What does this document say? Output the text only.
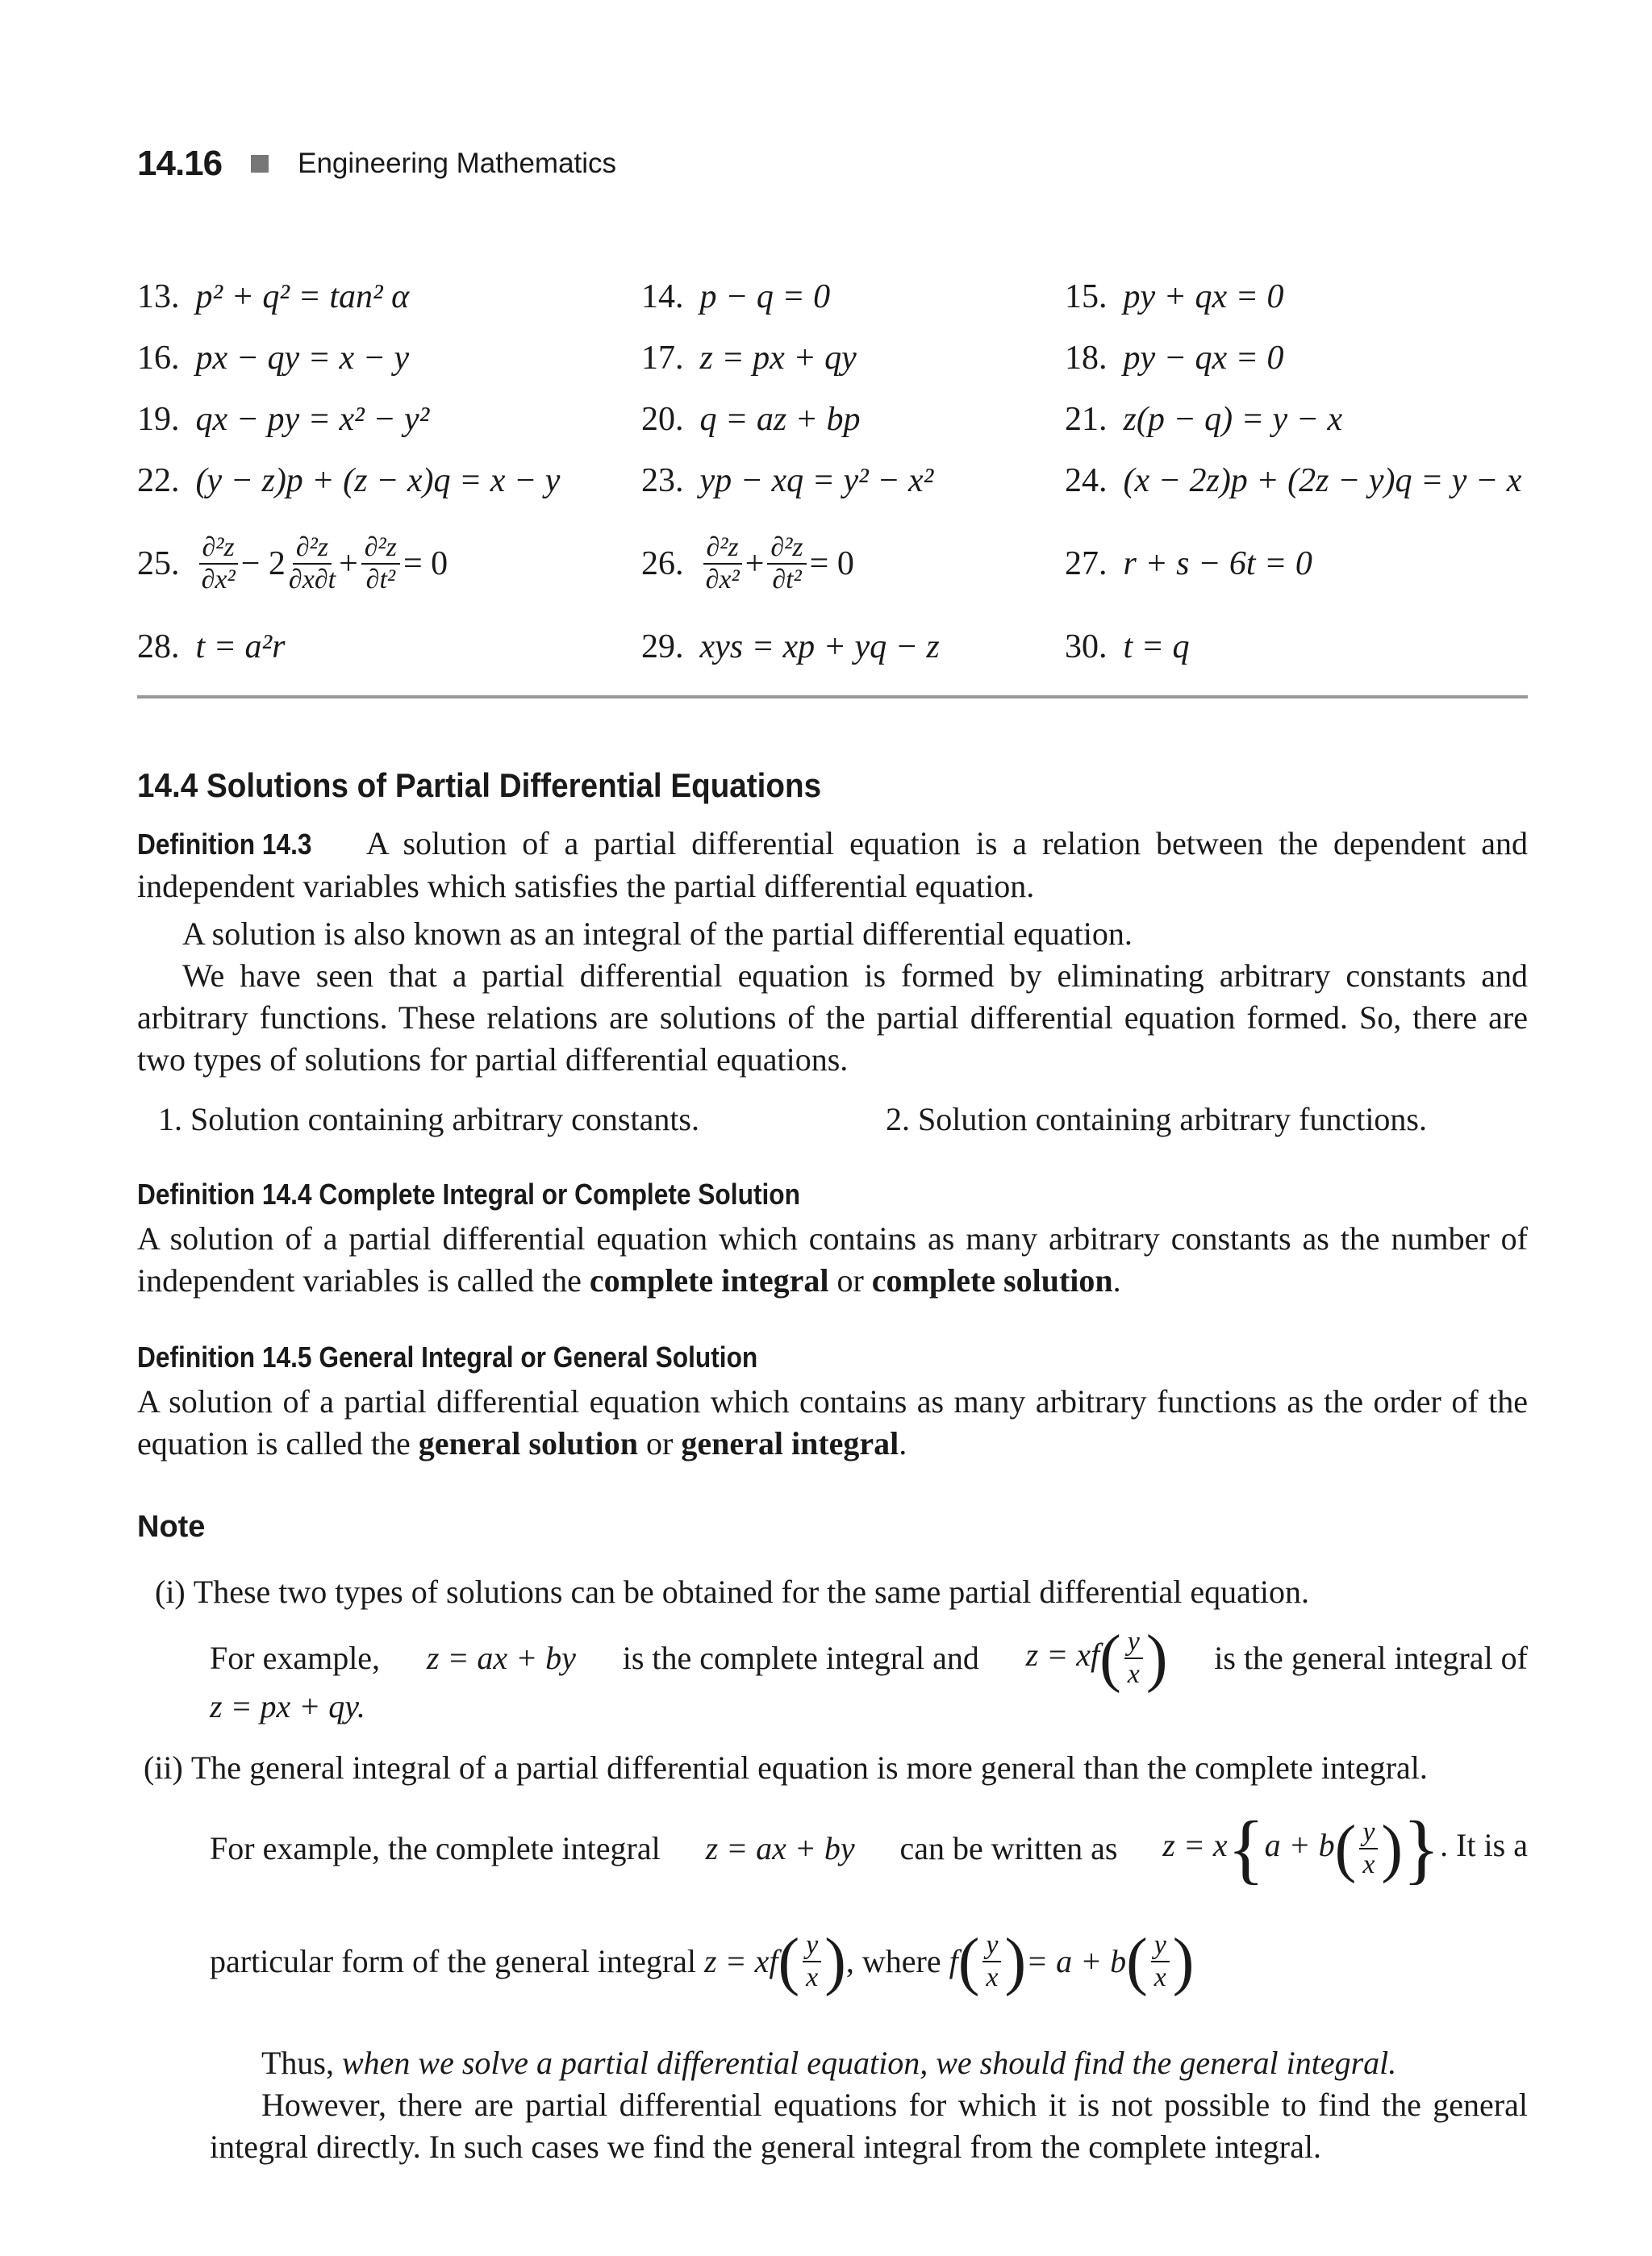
14.16	Engineering Mathematics
13. p² + q² = tan² α	14. p − q = 0	15. py + qx = 0
16. px − qy = x − y	17. z = px + qy	18. py − qx = 0
19. qx − py = x² − y²	20. q = az + bp	21. z(p − q) = y − x
22. (y − z)p + (z − x)q = x − y 23. yp − xq = y² − x²	24. (x − 2z)p + (2z − y)q = y − x
25. $\frac{\text{∂²z}}{\text{∂x²}} - 2 \frac{\text{∂²z}}{\partial x\partial t} + \frac{\text{∂²z}}{\text{∂t²}} = 0$	26. $\frac{\text{∂²z}}{\text{∂x²}} + \frac{\text{∂²z}}{\text{∂t²}} = 0$	27. r + s − 6t = 0
28. t = a²r	29. xys = xp + yq − z	30. t = q
14.4 Solutions of Partial Differential Equations
Definition 14.3 A solution of a partial differential equation is a relation between the dependent and independent variables which satisfies the partial differential equation.
A solution is also known as an integral of the partial differential equation.
We have seen that a partial differential equation is formed by eliminating arbitrary constants and arbitrary functions. These relations are solutions of the partial differential equation formed. So, there are two types of solutions for partial differential equations.
1. Solution containing arbitrary constants.	2. Solution containing arbitrary functions.
Definition 14.4 Complete Integral or Complete Solution
A solution of a partial differential equation which contains as many arbitrary constants as the number of independent variables is called the complete integral or complete solution.
Definition 14.5 General Integral or General Solution
A solution of a partial differential equation which contains as many arbitrary functions as the order of the equation is called the general solution or general integral.
Note
(i) These two types of solutions can be obtained for the same partial differential equation.
For example, z = ax + by is the complete integral and $z = xf( \frac{y}{x}$ ) is the general integral of
z = px + qy.
(ii) The general integral of a partial differential equation is more general than the complete integral.
For example, the complete integral z = ax + by can be written as $z = x\{a + b( \frac{y}{x}$ )}. It is a
particular form of the general integral
z = xf ( $\frac{y}{x}$ ) , where
f ( $\frac{y}{x}$ ) = a + b ( $\frac{y}{x}$ )
Thus, when we solve a partial differential equation, we should find the general integral.
However, there are partial differential equations for which it is not possible to find the general integral directly. In such cases we find the general integral from the complete integral.
